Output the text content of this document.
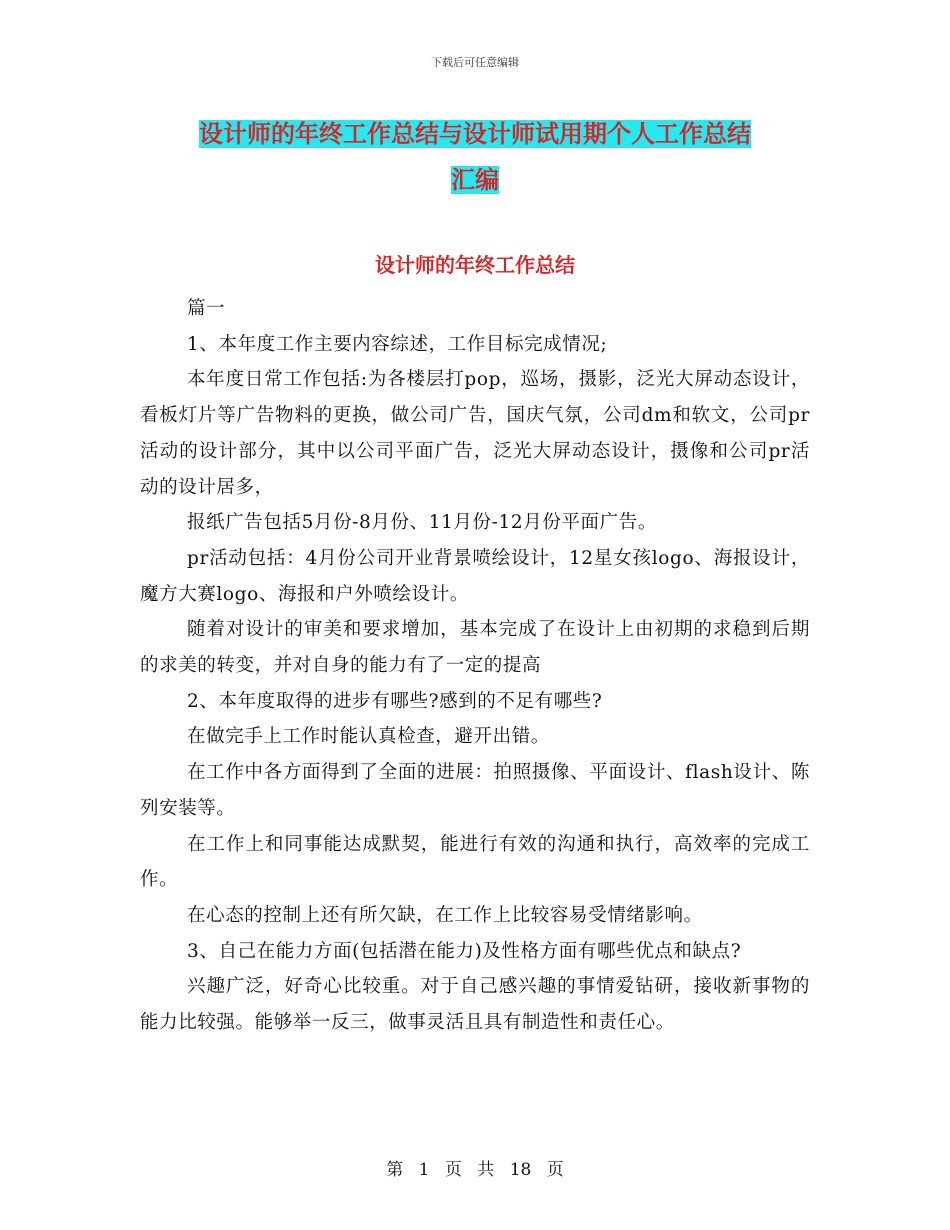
下载后可任意编辑
设计师的年终工作总结与设计师试用期个人工作总结
汇编
设计师的年终工作总结

篇一

1、本年度工作主要内容综述，工作目标完成情况;

本年度日常工作包括:为各楼层打pop，巡场，摄影，泛光大屏动态设计，看板灯片等广告物料的更换，做公司广告，国庆气氛，公司dm和软文，公司pr活动的设计部分，其中以公司平面广告，泛光大屏动态设计，摄像和公司pr活动的设计居多，

报纸广告包括5月份-8月份、11月份-12月份平面广告。

pr活动包括：4月份公司开业背景喷绘设计，12星女孩logo、海报设计，魔方大赛logo、海报和户外喷绘设计。

随着对设计的审美和要求增加，基本完成了在设计上由初期的求稳到后期的求美的转变，并对自身的能力有了一定的提高

2、本年度取得的进步有哪些?感到的不足有哪些?

在做完手上工作时能认真检查，避开出错。

在工作中各方面得到了全面的进展：拍照摄像、平面设计、flash设计、陈列安装等。

在工作上和同事能达成默契，能进行有效的沟通和执行，高效率的完成工作。

在心态的控制上还有所欠缺，在工作上比较容易受情绪影响。

3、自己在能力方面(包括潜在能力)及性格方面有哪些优点和缺点?

兴趣广泛，好奇心比较重。对于自己感兴趣的事情爱钻研，接收新事物的能力比较强。能够举一反三，做事灵活且具有制造性和责任心。

第 1 页 共 18 页
